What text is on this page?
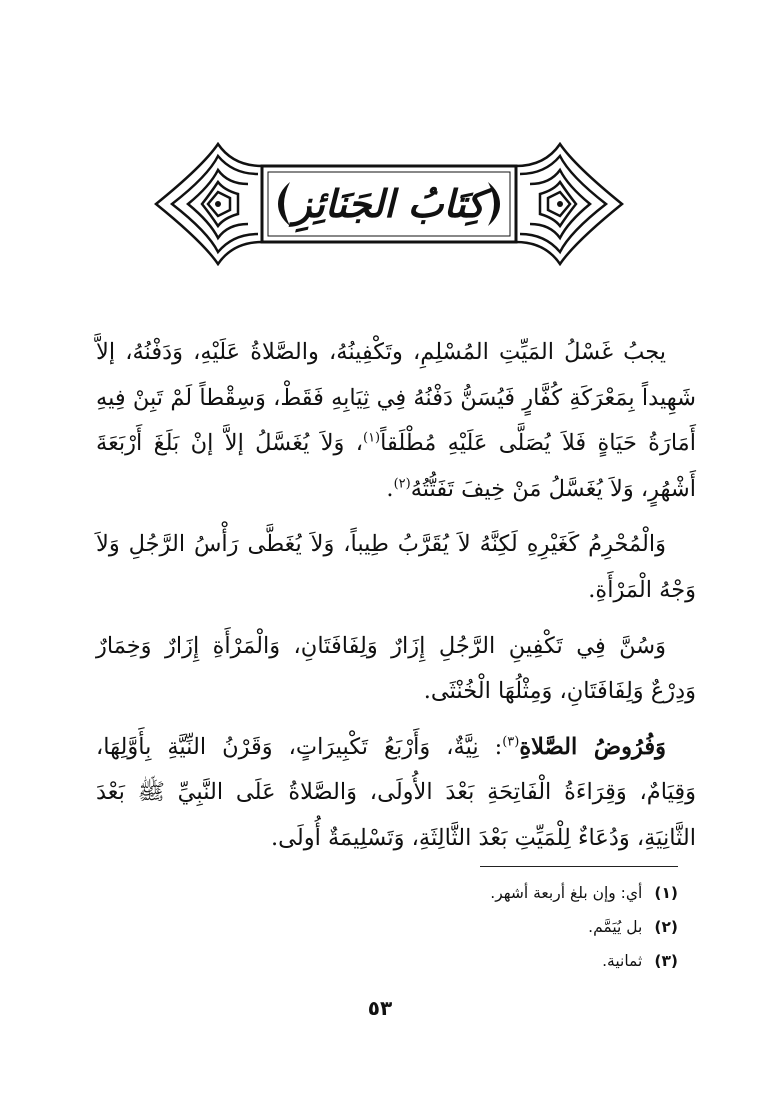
كِتَابُ الجَنَائِزِ

يجبُ غَسْلُ المَيِّتِ المُسْلِمِ، وتَكْفِينُهُ، والصَّلاةُ عَلَيْهِ، وَدَفْنُهُ، إلاَّ شَهِيداً بِمَعْرَكَةِ كُفَّارٍ فَيُسَنُّ دَفْنُهُ فِي ثِيَابِهِ فَقَطْ، وَسِقْطاً لَمْ تَبِنْ فِيهِ أَمَارَةُ حَيَاةٍ فَلاَ يُصَلَّى عَلَيْهِ مُطْلَقاً$^{(١)}$، وَلاَ يُغَسَّلُ إلاَّ إنْ بَلَغَ أَرْبَعَةَ أَشْهُرٍ، وَلاَ يُغَسَّلُ مَنْ خِيفَ تَفَتُّتُهُ$^{(٢)}$.

وَالْمُحْرِمُ كَغَيْرِهِ لَكِنَّهُ لاَ يُقَرَّبُ طِيباً، وَلاَ يُغَطَّى رَأْسُ الرَّجُلِ وَلاَ وَجْهُ الْمَرْأَةِ.

وَسُنَّ فِي تَكْفِينِ الرَّجُلِ إِزَارٌ وَلِفَافَتَانِ، وَالْمَرْأَةِ إِزَارٌ وَخِمَارٌ وَدِرْعٌ وَلِفَافَتَانِ، وَمِثْلُهَا الْخُنْثَى.

وَفُرُوضُ الصَّلاةِ$^{(٣)}$: نِيَّةٌ، وَأَرْبَعُ تَكْبِيرَاتٍ، وَقَرْنُ النِّيَّةِ بِأَوَّلِهَا، وَقِيَامٌ، وَقِرَاءَةُ الْفَاتِحَةِ بَعْدَ الأُولَى، وَالصَّلاةُ عَلَى النَّبِيِّ ﷺ بَعْدَ الثَّانِيَةِ، وَدُعَاءٌ لِلْمَيِّتِ بَعْدَ الثَّالِثَةِ، وَتَسْلِيمَةٌ أُولَى.

(١)أي: وإن بلغ أربعة أشهر.
(٢)بل يُيَمَّم.
(٣)ثمانية.
٥٣
